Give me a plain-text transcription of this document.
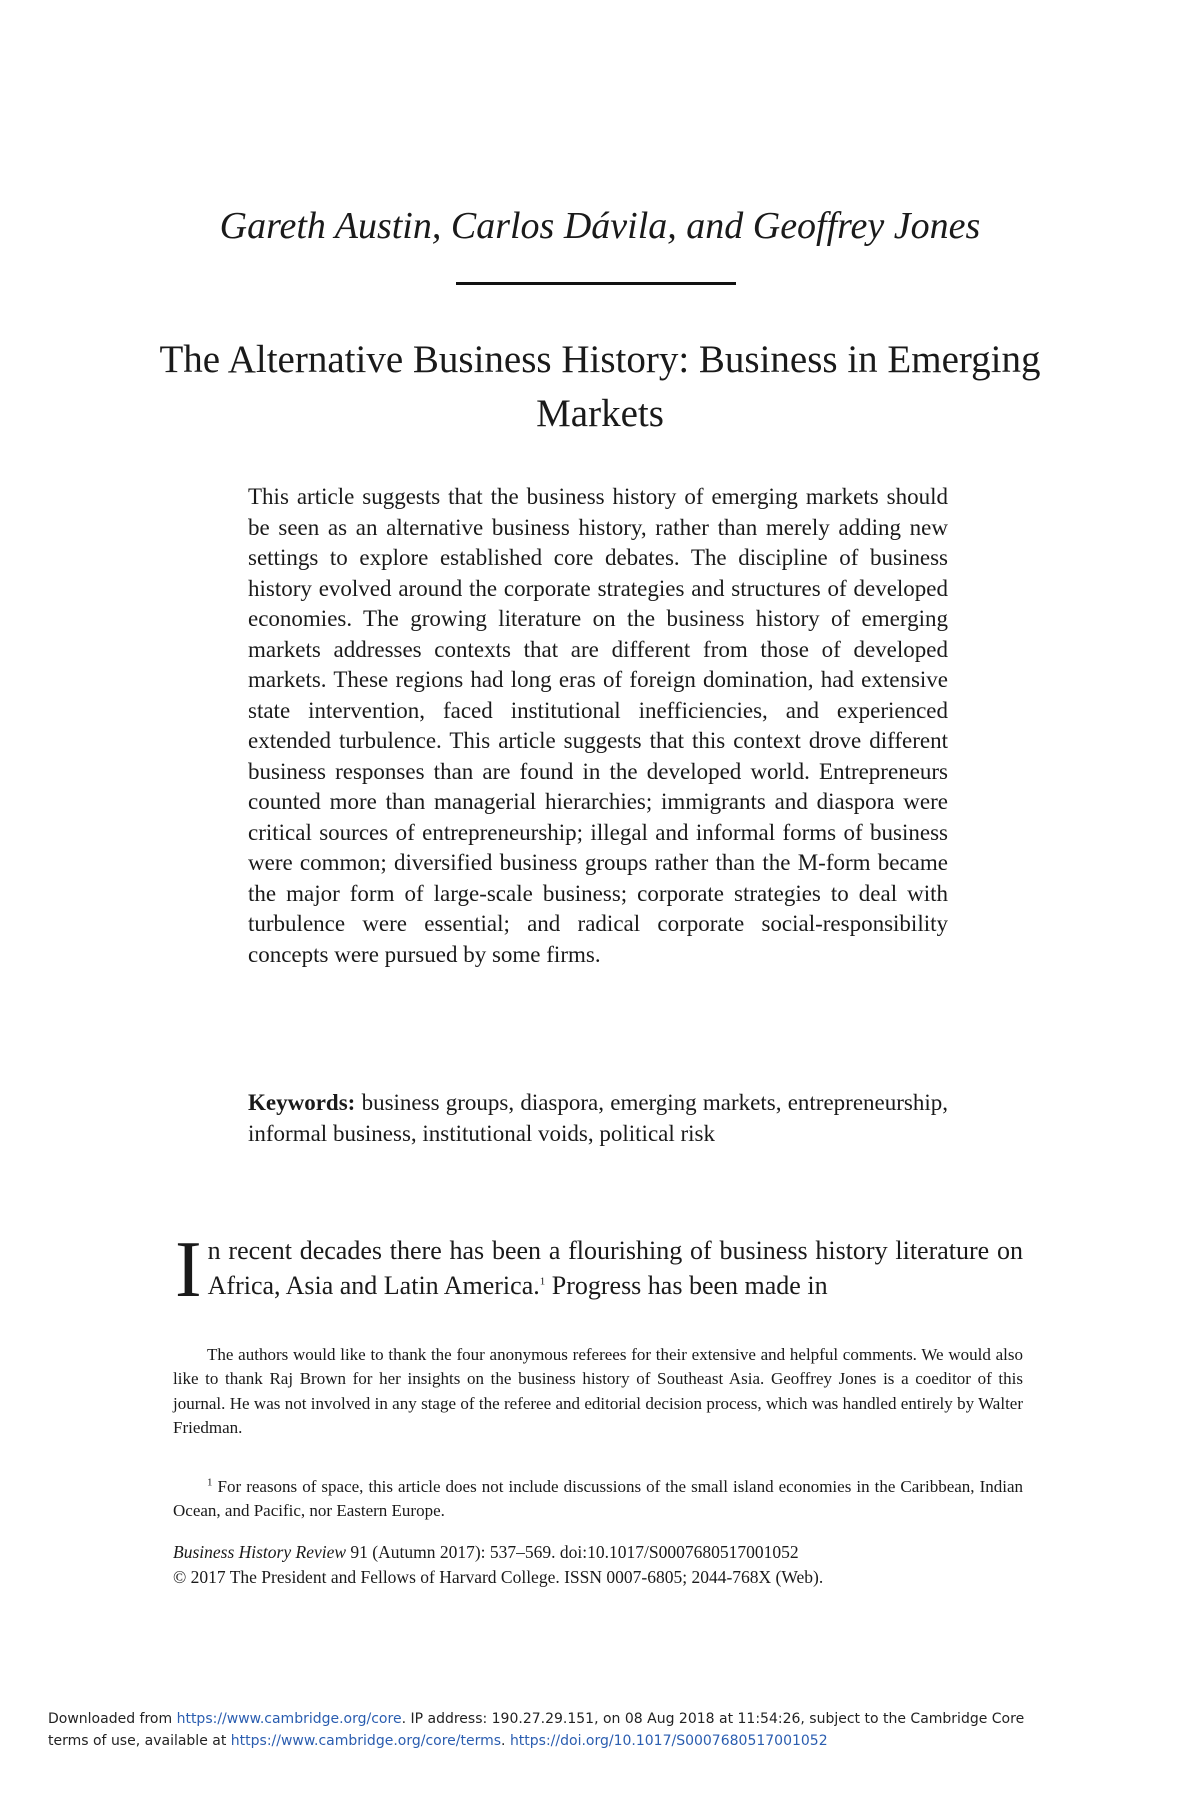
Gareth Austin, Carlos Dávila, and Geoffrey Jones
The Alternative Business History: Business in Emerging Markets

This article suggests that the business history of emerging markets should be seen as an alternative business history, rather than merely adding new settings to explore established core debates. The discipline of business history evolved around the corporate strategies and structures of developed economies. The growing literature on the business history of emerging markets addresses contexts that are different from those of developed markets. These regions had long eras of foreign domination, had extensive state intervention, faced institutional inefficiencies, and experienced extended turbulence. This article suggests that this context drove different business responses than are found in the developed world. Entrepreneurs counted more than managerial hierarchies; immigrants and diaspora were critical sources of entrepreneurship; illegal and informal forms of business were common; diversified business groups rather than the M-form became the major form of large-scale business; corporate strategies to deal with turbulence were essential; and radical corporate social-responsibility concepts were pursued by some firms.

Keywords: business groups, diaspora, emerging markets, entrepreneurship, informal business, institutional voids, political risk

In recent decades there has been a flourishing of business history literature on Africa, Asia and Latin America.$^1$ Progress has been made in

The authors would like to thank the four anonymous referees for their extensive and helpful comments. We would also like to thank Raj Brown for her insights on the business history of Southeast Asia. Geoffrey Jones is a coeditor of this journal. He was not involved in any stage of the referee and editorial decision process, which was handled entirely by Walter Friedman.

$^1$ For reasons of space, this article does not include discussions of the small island economies in the Caribbean, Indian Ocean, and Pacific, nor Eastern Europe.

Business History Review 91 (Autumn 2017): 537–569. doi:10.1017/S0007680517001052
© 2017 The President and Fellows of Harvard College. ISSN 0007-6805; 2044-768X (Web).
Downloaded from https://www.cambridge.org/core. IP address: 190.27.29.151, on 08 Aug 2018 at 11:54:26, subject to the Cambridge Core
terms of use, available at https://www.cambridge.org/core/terms. https://doi.org/10.1017/S0007680517001052
